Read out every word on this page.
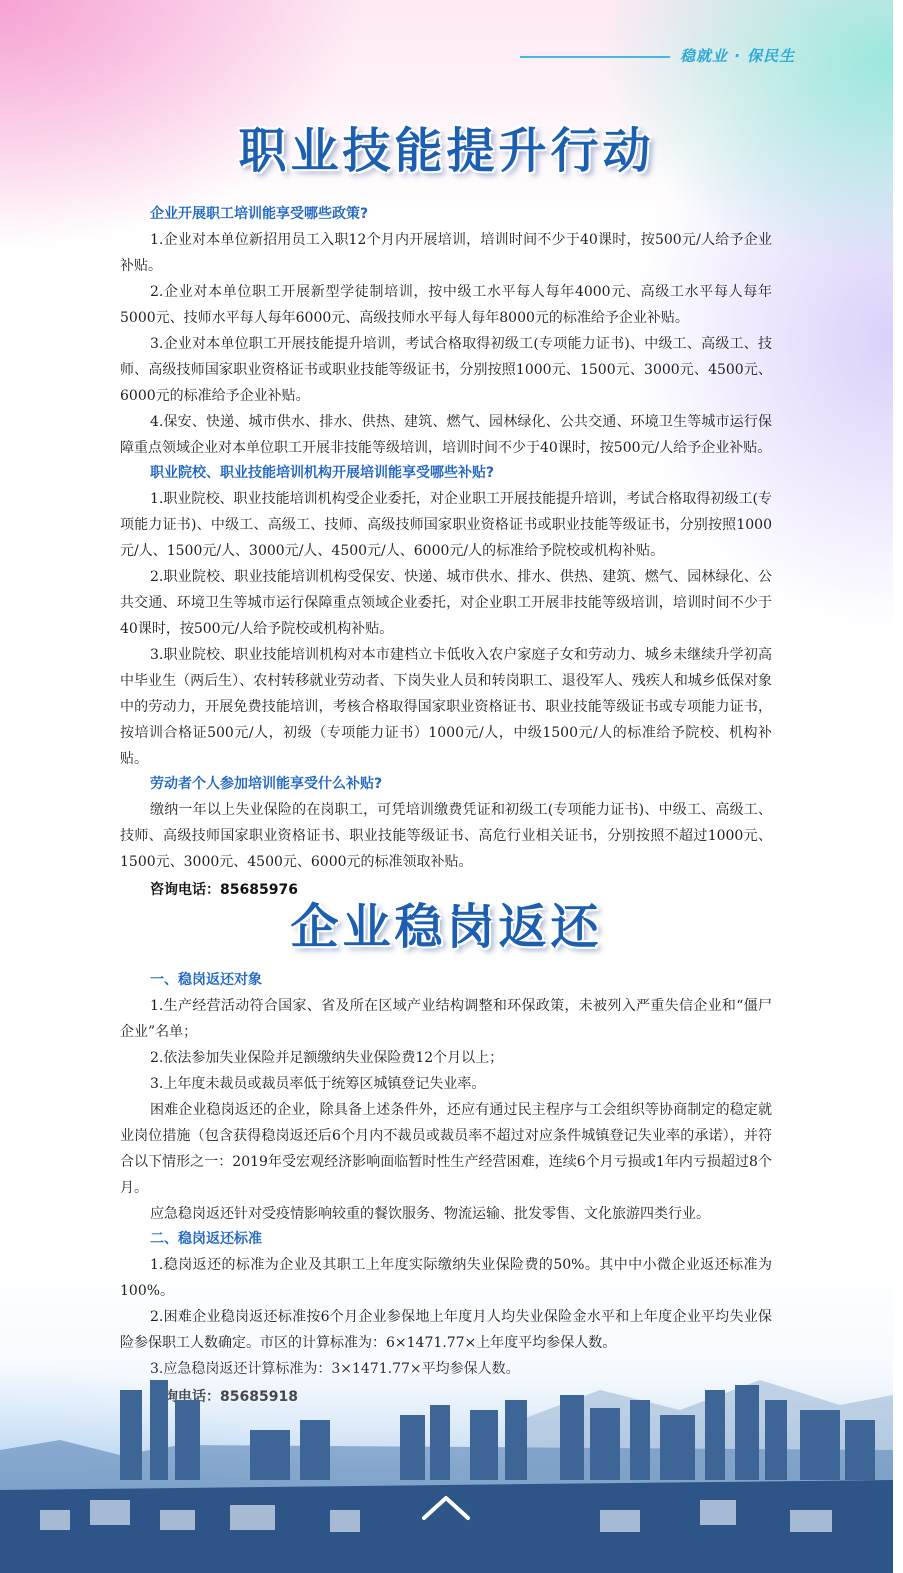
稳就业 · 保民生
职业技能提升行动
企业开展职工培训能享受哪些政策?

1.企业对本单位新招用员工入职12个月内开展培训，培训时间不少于40课时，按500元/人给予企业补贴。

2.企业对本单位职工开展新型学徒制培训，按中级工水平每人每年4000元、高级工水平每人每年5000元、技师水平每人每年6000元、高级技师水平每人每年8000元的标准给予企业补贴。

3.企业对本单位职工开展技能提升培训，考试合格取得初级工(专项能力证书)、中级工、高级工、技师、高级技师国家职业资格证书或职业技能等级证书，分别按照1000元、1500元、3000元、4500元、6000元的标准给予企业补贴。

4.保安、快递、城市供水、排水、供热、建筑、燃气、园林绿化、公共交通、环境卫生等城市运行保障重点领域企业对本单位职工开展非技能等级培训，培训时间不少于40课时，按500元/人给予企业补贴。

职业院校、职业技能培训机构开展培训能享受哪些补贴?

1.职业院校、职业技能培训机构受企业委托，对企业职工开展技能提升培训，考试合格取得初级工(专项能力证书)、中级工、高级工、技师、高级技师国家职业资格证书或职业技能等级证书，分别按照1000元/人、1500元/人、3000元/人、4500元/人、6000元/人的标准给予院校或机构补贴。

2.职业院校、职业技能培训机构受保安、快递、城市供水、排水、供热、建筑、燃气、园林绿化、公共交通、环境卫生等城市运行保障重点领域企业委托，对企业职工开展非技能等级培训，培训时间不少于40课时，按500元/人给予院校或机构补贴。

3.职业院校、职业技能培训机构对本市建档立卡低收入农户家庭子女和劳动力、城乡未继续升学初高中毕业生（两后生）、农村转移就业劳动者、下岗失业人员和转岗职工、退役军人、残疾人和城乡低保对象中的劳动力，开展免费技能培训，考核合格取得国家职业资格证书、职业技能等级证书或专项能力证书，按培训合格证500元/人，初级（专项能力证书）1000元/人，中级1500元/人的标准给予院校、机构补贴。

劳动者个人参加培训能享受什么补贴?

缴纳一年以上失业保险的在岗职工，可凭培训缴费凭证和初级工(专项能力证书)、中级工、高级工、技师、高级技师国家职业资格证书、职业技能等级证书、高危行业相关证书，分别按照不超过1000元、1500元、3000元、4500元、6000元的标准领取补贴。

咨询电话：85685976
企业稳岗返还
一、稳岗返还对象

1.生产经营活动符合国家、省及所在区域产业结构调整和环保政策，未被列入严重失信企业和“僵尸企业”名单；

2.依法参加失业保险并足额缴纳失业保险费12个月以上；

3.上年度未裁员或裁员率低于统筹区城镇登记失业率。

困难企业稳岗返还的企业，除具备上述条件外，还应有通过民主程序与工会组织等协商制定的稳定就业岗位措施（包含获得稳岗返还后6个月内不裁员或裁员率不超过对应条件城镇登记失业率的承诺），并符合以下情形之一：2019年受宏观经济影响面临暂时性生产经营困难，连续6个月亏损或1年内亏损超过8个月。

应急稳岗返还针对受疫情影响较重的餐饮服务、物流运输、批发零售、文化旅游四类行业。

二、稳岗返还标准

1.稳岗返还的标准为企业及其职工上年度实际缴纳失业保险费的50%。其中中小微企业返还标准为100%。

2.困难企业稳岗返还标准按6个月企业参保地上年度月人均失业保险金水平和上年度企业平均失业保险参保职工人数确定。市区的计算标准为：6×1471.77×上年度平均参保人数。
